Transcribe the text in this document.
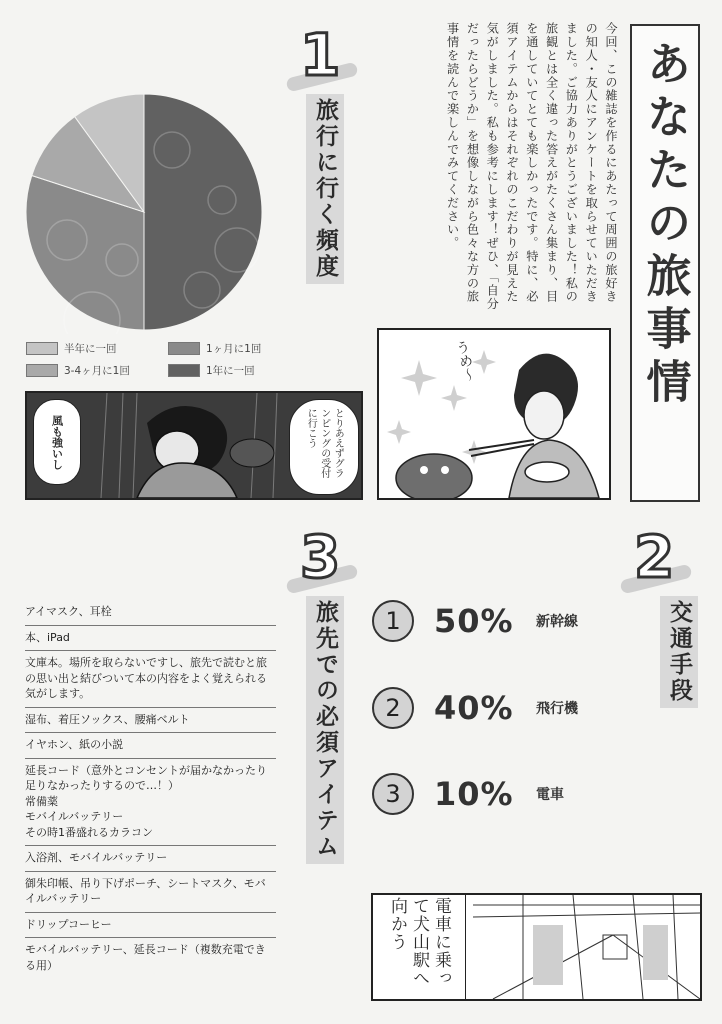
あなたの旅事情
今回、この雑誌を作るにあたって周囲の旅好きの知人・友人にアンケートを取らせていただきました。ご協力ありがとうございました！私の旅観とは全く違った答えがたくさん集まり、目を通していてとても楽しかったです。特に、必須アイテムからはそれぞれのこだわりが見えた気がしました。私も参考にします！ぜひ、「自分だったらどうか」を想像しながら色々な方の旅事情を読んで楽しんでみてください。
1
旅行に行く頻度
半年に一回	1ヶ月に1回
3-4ヶ月に1回	1年に一回	うめ～
風も強いし	とりあえずグランピングの受付に行こう
3
旅先での必須アイテム
アイマスク、耳栓
本、iPad
文庫本。場所を取らないですし、旅先で読むと旅の思い出と結びついて本の内容をよく覚えられる気がします。
湿布、着圧ソックス、腰痛ベルト
イヤホン、紙の小説
延長コード（意外とコンセントが届かなかったり足りなかったりするので…！）
常備薬
モバイルバッテリー
その時1番盛れるカラコン
入浴剤、モバイルバッテリー
御朱印帳、吊り下げポーチ、シートマスク、モバイルバッテリー
ドリップコーヒー
モバイルバッテリー、延長コード（複数充電できる用）
2
交通手段
1	50%	新幹線
2	40%	飛行機
3	10%	電車
電車に乗って犬山駅へ向かう
